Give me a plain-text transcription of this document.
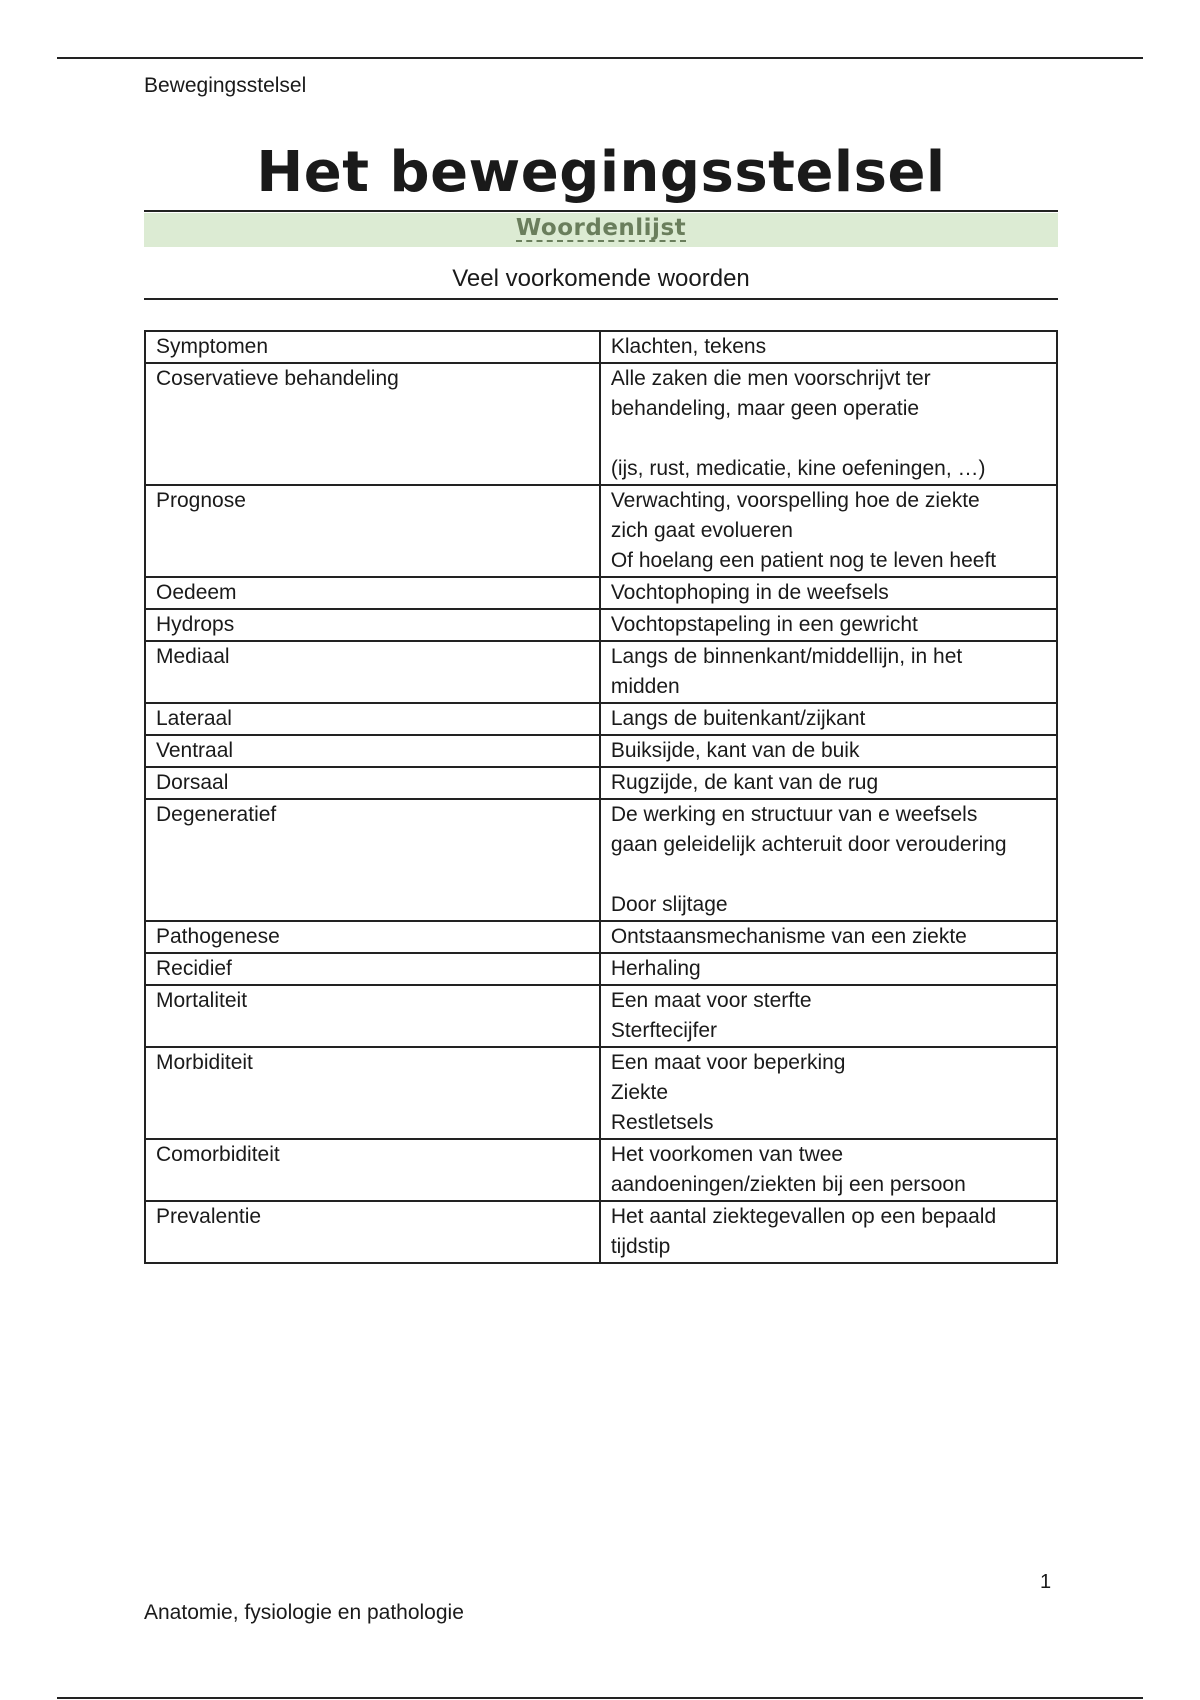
Bewegingsstelsel
Het bewegingsstelsel
Woordenlijst
Veel voorkomende woorden
Symptomen	Klachten, tekens

Coservatieve behandeling	Alle zaken die men voorschrijvt ter
behandeling, maar geen operatie
(ijs, rust, medicatie, kine oefeningen, …)

Prognose	Verwachting, voorspelling hoe de ziekte
zich gaat evolueren
Of hoelang een patient nog te leven heeft

Oedeem	Vochtophoping in de weefsels

Hydrops	Vochtopstapeling in een gewricht

Mediaal	Langs de binnenkant/middellijn, in het
midden

Lateraal	Langs de buitenkant/zijkant

Ventraal	Buiksijde, kant van de buik

Dorsaal	Rugzijde, de kant van de rug

Degeneratief	De werking en structuur van e weefsels
gaan geleidelijk achteruit door veroudering
Door slijtage

Pathogenese	Ontstaansmechanisme van een ziekte

Recidief	Herhaling

Mortaliteit	Een maat voor sterfte
Sterftecijfer

Morbiditeit	Een maat voor beperking
Ziekte
Restletsels

Comorbiditeit	Het voorkomen van twee
aandoeningen/ziekten bij een persoon

Prevalentie	Het aantal ziektegevallen op een bepaald
tijdstip
1
Anatomie, fysiologie en pathologie
